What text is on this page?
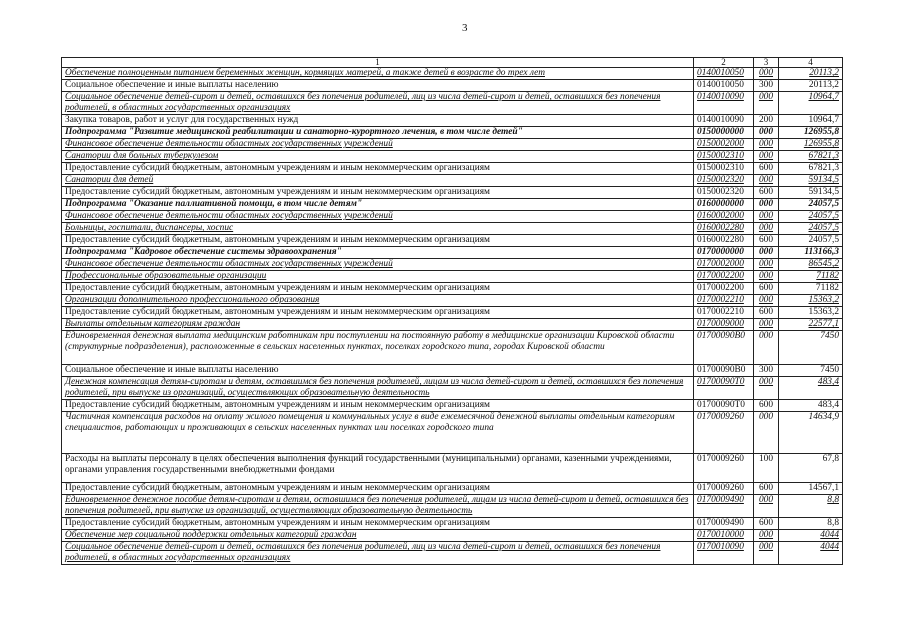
3
1	2	3	4
Обеспечение полноценным питанием беременных женщин, кормящих матерей, а также детей в возрасте до трех лет	0140010050	000	20113,2
Социальное обеспечение и иные выплаты населению	0140010050	300	20113,2
Социальное обеспечение детей-сирот и детей, оставшихся без попечения родителей, лиц из числа детей-сирот и детей, оставшихся без попечения родителей, в областных государственных организациях	0140010090	000	10964,7
Закупка товаров, работ и услуг для государственных нужд	0140010090	200	10964,7
Подпрограмма "Развитие медицинской реабилитации и санаторно-курортного лечения, в том числе детей"	0150000000	000	126955,8
Финансовое обеспечение деятельности областных государственных учреждений	0150002000	000	126955,8
Санатории для больных туберкулезом	0150002310	000	67821,3
Предоставление субсидий бюджетным, автономным учреждениям и иным некоммерческим организациям	0150002310	600	67821,3
Санатории для детей	0150002320	000	59134,5
Предоставление субсидий бюджетным, автономным учреждениям и иным некоммерческим организациям	0150002320	600	59134,5
Подпрограмма "Оказание паллиативной помощи, в том числе детям"	0160000000	000	24057,5
Финансовое обеспечение деятельности областных государственных учреждений	0160002000	000	24057,5
Больницы, госпитали, диспансеры, хоспис	0160002280	000	24057,5
Предоставление субсидий бюджетным, автономным учреждениям и иным некоммерческим организациям	0160002280	600	24057,5
Подпрограмма "Кадровое обеспечение системы здравоохранения"	0170000000	000	113166,3
Финансовое обеспечение деятельности областных государственных учреждений	0170002000	000	86545,2
Профессиональные образовательные организации	0170002200	000	71182
Предоставление субсидий бюджетным, автономным учреждениям и иным некоммерческим организациям	0170002200	600	71182
Организации дополнительного профессионального образования	0170002210	000	15363,2
Предоставление субсидий бюджетным, автономным учреждениям и иным некоммерческим организациям	0170002210	600	15363,2
Выплаты отдельным категориям граждан	0170009000	000	22577,1
Единовременная денежная выплата медицинским работникам при поступлении на постоянную работу в медицинские организации Кировской области (структурные подразделения), расположенные в сельских населенных пунктах, поселках городского типа, городах Кировской области	01700090В0	000	7450
Социальное обеспечение и иные выплаты населению	01700090В0	300	7450
Денежная компенсация детям-сиротам и детям, оставшимся без попечения родителей, лицам из числа детей-сирот и детей, оставшихся без попечения родителей, при выпуске из организаций, осуществляющих образовательную деятельность	01700090Т0	000	483,4
Предоставление субсидий бюджетным, автономным учреждениям и иным некоммерческим организациям	01700090Т0	600	483,4
Частичная компенсация расходов на оплату жилого помещения и коммунальных услуг в виде ежемесячной денежной выплаты отдельным категориям специалистов, работающих и проживающих в сельских населенных пунктах или поселках городского типа	0170009260	000	14634,9
Расходы на выплаты персоналу в целях обеспечения выполнения функций государственными (муниципальными) органами, казенными учреждениями, органами управления государственными внебюджетными фондами	0170009260	100	67,8
Предоставление субсидий бюджетным, автономным учреждениям и иным некоммерческим организациям	0170009260	600	14567,1
Единовременное денежное пособие детям-сиротам и детям, оставшимся без попечения родителей, лицам из числа детей-сирот и детей, оставшихся без попечения родителей, при выпуске из организаций, осуществляющих образовательную деятельность	0170009490	000	8,8
Предоставление субсидий бюджетным, автономным учреждениям и иным некоммерческим организациям	0170009490	600	8,8
Обеспечение мер социальной поддержки отдельных категорий граждан	0170010000	000	4044
Социальное обеспечение детей-сирот и детей, оставшихся без попечения родителей, лиц из числа детей-сирот и детей, оставшихся без попечения родителей, в областных государственных организациях	0170010090	000	4044
